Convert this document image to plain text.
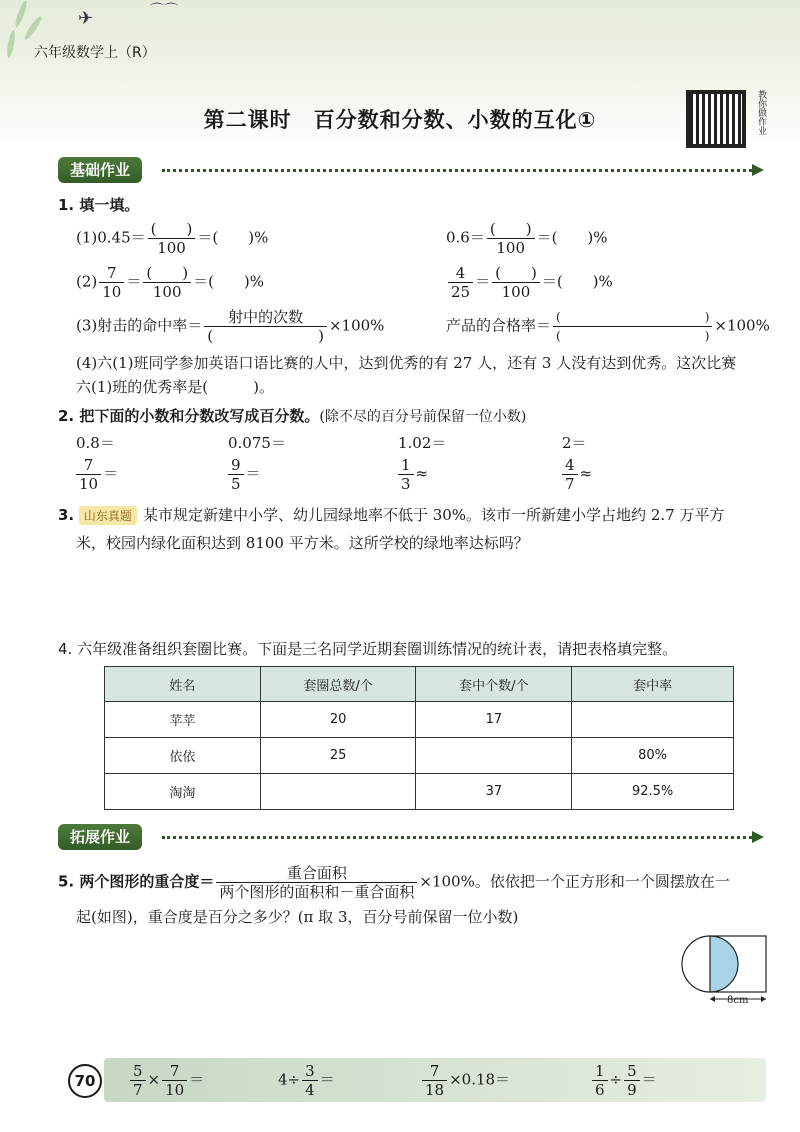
✈	⌒⌒
六年级数学上（R）
第二课时　百分数和分数、小数的互化①	教你做作业
基础作业
1. 填一填。
$(1)0.45= \frac{( )}{100}$ ＝(　　)%	$0.6= \frac{( )}{100}$ ＝(　　)%
$(2) \frac{7}{10} = \frac{( )}{100}$ ＝(　　)%	$\frac{4}{25} = \frac{( )}{100}$ ＝(　　)%
(3)射击的命中率＝ $\frac{\text{射中的次数}}{( )} \times 100\%$	产品的合格率＝ $\frac{( )}{( )} \times 100\%$
(4)六(1)班同学参加英语口语比赛的人中，达到优秀的有 27 人，还有 3 人没有达到优秀。这次比赛
六(1)班的优秀率是(　　　)。
2. 把下面的小数和分数改写成百分数。(除不尽的百分号前保留一位小数)
0.8＝	0.075＝	1.02＝	2＝
$\frac{7}{10}$ ＝	$\frac{9}{5}$ ＝	$\frac{1}{3}$ ≈	$\frac{4}{7}$ ≈
3. 山东真题 某市规定新建中小学、幼儿园绿地率不低于 30%。该市一所新建小学占地约 2.7 万平方
米，校园内绿化面积达到 8100 平方米。这所学校的绿地率达标吗？
4. 六年级准备组织套圈比赛。下面是三名同学近期套圈训练情况的统计表，请把表格填完整。
姓名	套圈总数/个	套中个数/个	套中率
苹苹	20	17	
依依	25		80%
淘淘		37	92.5%
拓展作业
5. 两个图形的重合度＝ $\frac{\text{重合面积}}{\text{两个图形的面积和－重合面积}} \times 100\%$。依依把一个正方形和一个圆摆放在一
起(如图)，重合度是百分之多少？(π 取 3，百分号前保留一位小数)
8cm
70	$\frac{5}{7} \times \frac{7}{10}$ ＝	$4\div \frac{3}{4}$ ＝	$\frac{7}{18} \times 0.18=$	$\frac{1}{6} \div \frac{5}{9}$ ＝
